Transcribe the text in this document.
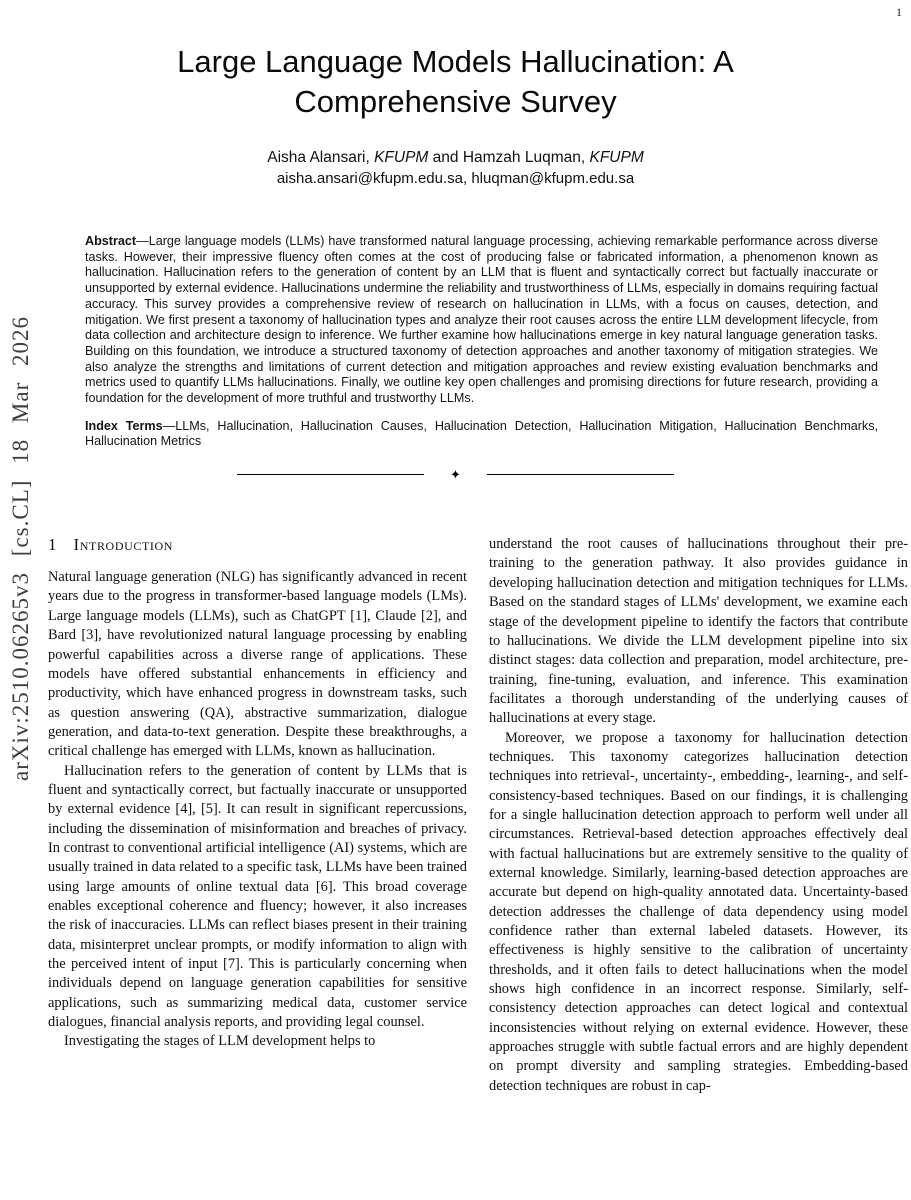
1
arXiv:2510.06265v3 [cs.CL] 18 Mar 2026
Large Language Models Hallucination: A Comprehensive Survey
Aisha Alansari, KFUPM and Hamzah Luqman, KFUPM
aisha.ansari@kfupm.edu.sa, hluqman@kfupm.edu.sa
Abstract—Large language models (LLMs) have transformed natural language processing, achieving remarkable performance across diverse tasks. However, their impressive fluency often comes at the cost of producing false or fabricated information, a phenomenon known as hallucination. Hallucination refers to the generation of content by an LLM that is fluent and syntactically correct but factually inaccurate or unsupported by external evidence. Hallucinations undermine the reliability and trustworthiness of LLMs, especially in domains requiring factual accuracy. This survey provides a comprehensive review of research on hallucination in LLMs, with a focus on causes, detection, and mitigation. We first present a taxonomy of hallucination types and analyze their root causes across the entire LLM development lifecycle, from data collection and architecture design to inference. We further examine how hallucinations emerge in key natural language generation tasks. Building on this foundation, we introduce a structured taxonomy of detection approaches and another taxonomy of mitigation strategies. We also analyze the strengths and limitations of current detection and mitigation approaches and review existing evaluation benchmarks and metrics used to quantify LLMs hallucinations. Finally, we outline key open challenges and promising directions for future research, providing a foundation for the development of more truthful and trustworthy LLMs.
Index Terms—LLMs, Hallucination, Hallucination Causes, Hallucination Detection, Hallucination Mitigation, Hallucination Benchmarks, Hallucination Metrics
✦
1 Introduction

Natural language generation (NLG) has significantly advanced in recent years due to the progress in transformer-based language models (LMs). Large language models (LLMs), such as ChatGPT [1], Claude [2], and Bard [3], have revolutionized natural language processing by enabling powerful capabilities across a diverse range of applications. These models have offered substantial enhancements in efficiency and productivity, which have enhanced progress in downstream tasks, such as question answering (QA), abstractive summarization, dialogue generation, and data-to-text generation. Despite these breakthroughs, a critical challenge has emerged with LLMs, known as hallucination.

Hallucination refers to the generation of content by LLMs that is fluent and syntactically correct, but factually inaccurate or unsupported by external evidence [4], [5]. It can result in significant repercussions, including the dissemination of misinformation and breaches of privacy. In contrast to conventional artificial intelligence (AI) systems, which are usually trained in data related to a specific task, LLMs have been trained using large amounts of online textual data [6]. This broad coverage enables exceptional coherence and fluency; however, it also increases the risk of inaccuracies. LLMs can reflect biases present in their training data, misinterpret unclear prompts, or modify information to align with the perceived intent of input [7]. This is particularly concerning when individuals depend on language generation capabilities for sensitive applications, such as summarizing medical data, customer service dialogues, financial analysis reports, and providing legal counsel.

Investigating the stages of LLM development helps to

understand the root causes of hallucinations throughout their pre-training to the generation pathway. It also provides guidance in developing hallucination detection and mitigation techniques for LLMs. Based on the standard stages of LLMs' development, we examine each stage of the development pipeline to identify the factors that contribute to hallucinations. We divide the LLM development pipeline into six distinct stages: data collection and preparation, model architecture, pre-training, fine-tuning, evaluation, and inference. This examination facilitates a thorough understanding of the underlying causes of hallucinations at every stage.

Moreover, we propose a taxonomy for hallucination detection techniques. This taxonomy categorizes hallucination detection techniques into retrieval-, uncertainty-, embedding-, learning-, and self-consistency-based techniques. Based on our findings, it is challenging for a single hallucination detection approach to perform well under all circumstances. Retrieval-based detection approaches effectively deal with factual hallucinations but are extremely sensitive to the quality of external knowledge. Similarly, learning-based detection approaches are accurate but depend on high-quality annotated data. Uncertainty-based detection addresses the challenge of data dependency using model confidence rather than external labeled datasets. However, its effectiveness is highly sensitive to the calibration of uncertainty thresholds, and it often fails to detect hallucinations when the model shows high confidence in an incorrect response. Similarly, self-consistency detection approaches can detect logical and contextual inconsistencies without relying on external evidence. However, these approaches struggle with subtle factual errors and are highly dependent on prompt diversity and sampling strategies. Embedding-based detection techniques are robust in cap-
